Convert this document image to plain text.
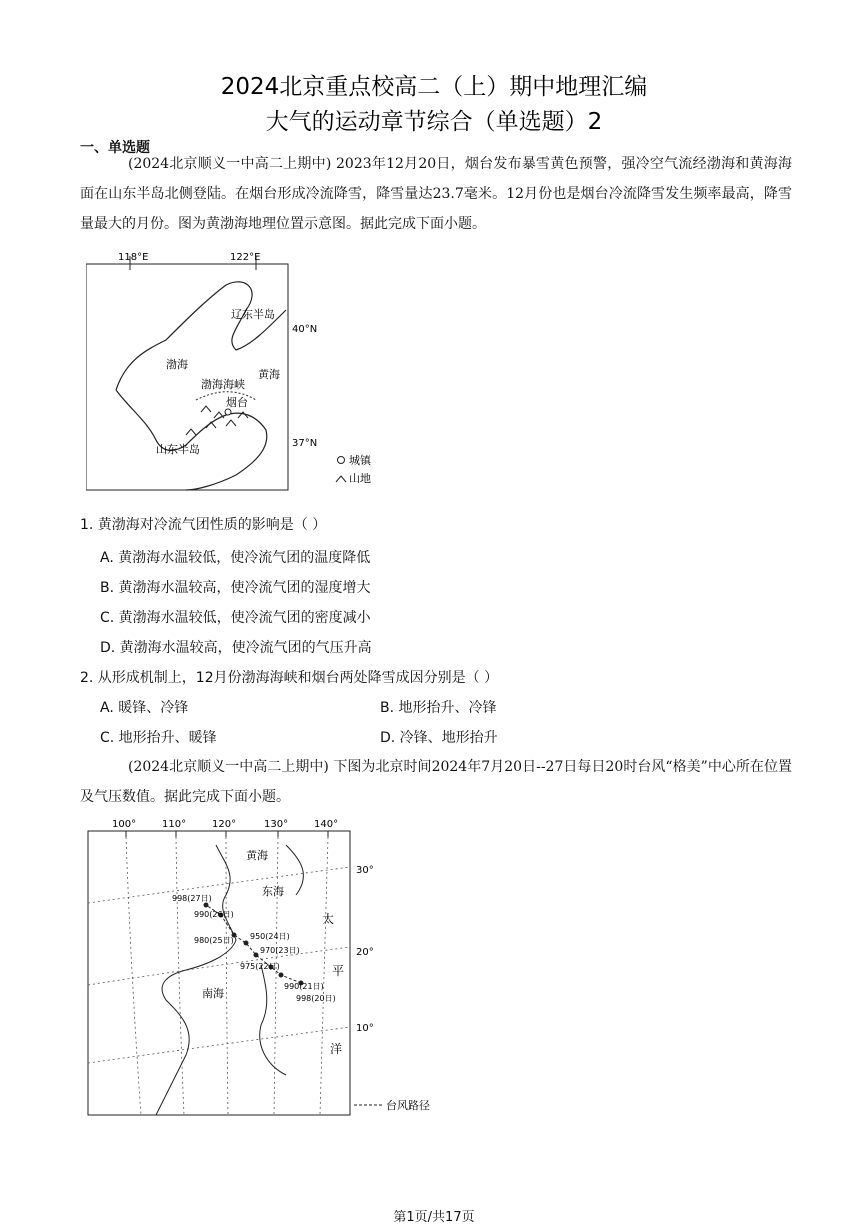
2024北京重点校高二（上）期中地理汇编
大气的运动章节综合（单选题）2
一、单选题

(2024北京顺义一中高二上期中) 2023年12月20日，烟台发布暴雪黄色预警，强冷空气流经渤海和黄海海面在山东半岛北侧登陆。在烟台形成冷流降雪，降雪量达23.7毫米。12月份也是烟台冷流降雪发生频率最高，降雪量最大的月份。图为黄渤海地理位置示意图。据此完成下面小题。

118°E	122°E
40°N
37°N
辽东半岛
渤海
黄海
渤海海峡
烟台
山东半岛
城镇
山地
1. 黄渤海对冷流气团性质的影响是（ ）
A. 黄渤海水温较低，使冷流气团的温度降低
B. 黄渤海水温较高，使冷流气团的湿度增大
C. 黄渤海水温较低，使冷流气团的密度减小
D. 黄渤海水温较高，使冷流气团的气压升高
2. 从形成机制上，12月份渤海海峡和烟台两处降雪成因分别是（ ）
A. 暖锋、冷锋	B. 地形抬升、冷锋
C. 地形抬升、暖锋	D. 冷锋、地形抬升

(2024北京顺义一中高二上期中) 下图为北京时间2024年7月20日--27日每日20时台风“格美”中心所在位置及气压数值。据此完成下面小题。

100°	110°	120°	130°	140°
30°
20°
10°
998(27日)
990(26日)
980(25日) 950(24日)
970(23日)
975(22日)
990(21日)
998(20日)
黄海
东海
南海
太
平
洋
台风路径
第1页/共17页
